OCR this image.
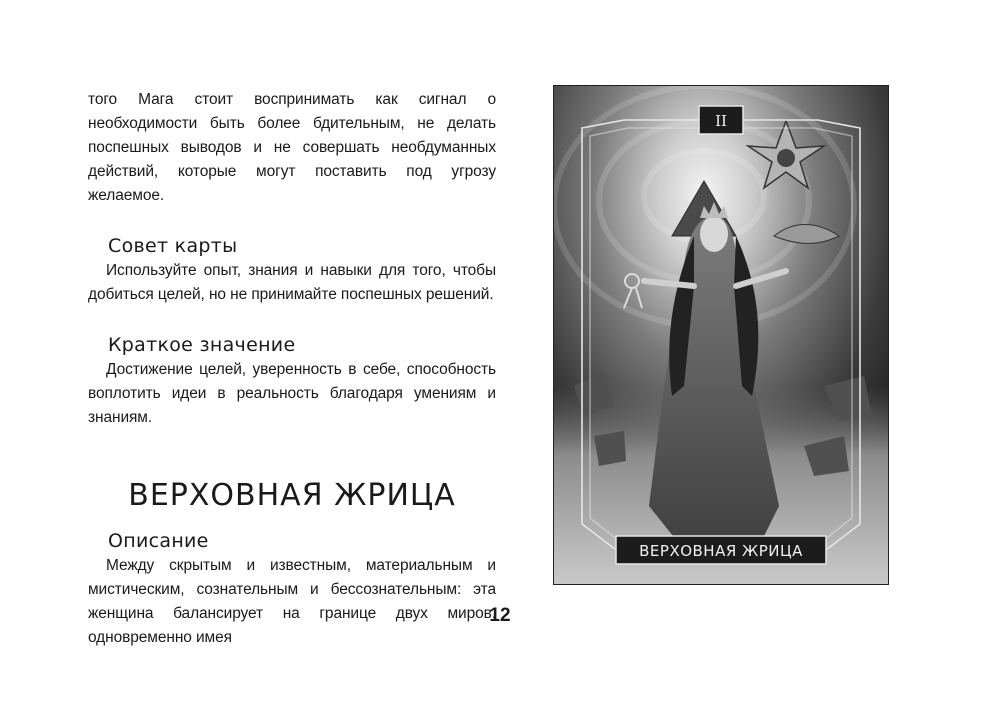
того Мага стоит воспринимать как сигнал о необходимости быть более бдительным, не делать поспешных выводов и не совершать необдуманных действий, которые могут поставить под угрозу желаемое.

Совет карты

Используйте опыт, знания и навыки для того, чтобы добиться целей, но не принимайте поспешных решений.

Краткое значение

Достижение целей, уверенность в себе, способность воплотить идеи в реальность благодаря умениям и знаниям.

ВЕРХОВНАЯ ЖРИЦА
Описание

Между скрытым и известным, материальным и мистическим, сознательным и бессознательным: эта женщина балансирует на границе двух миров, одновременно имея

II
ВЕРХОВНАЯ ЖРИЦА
12
